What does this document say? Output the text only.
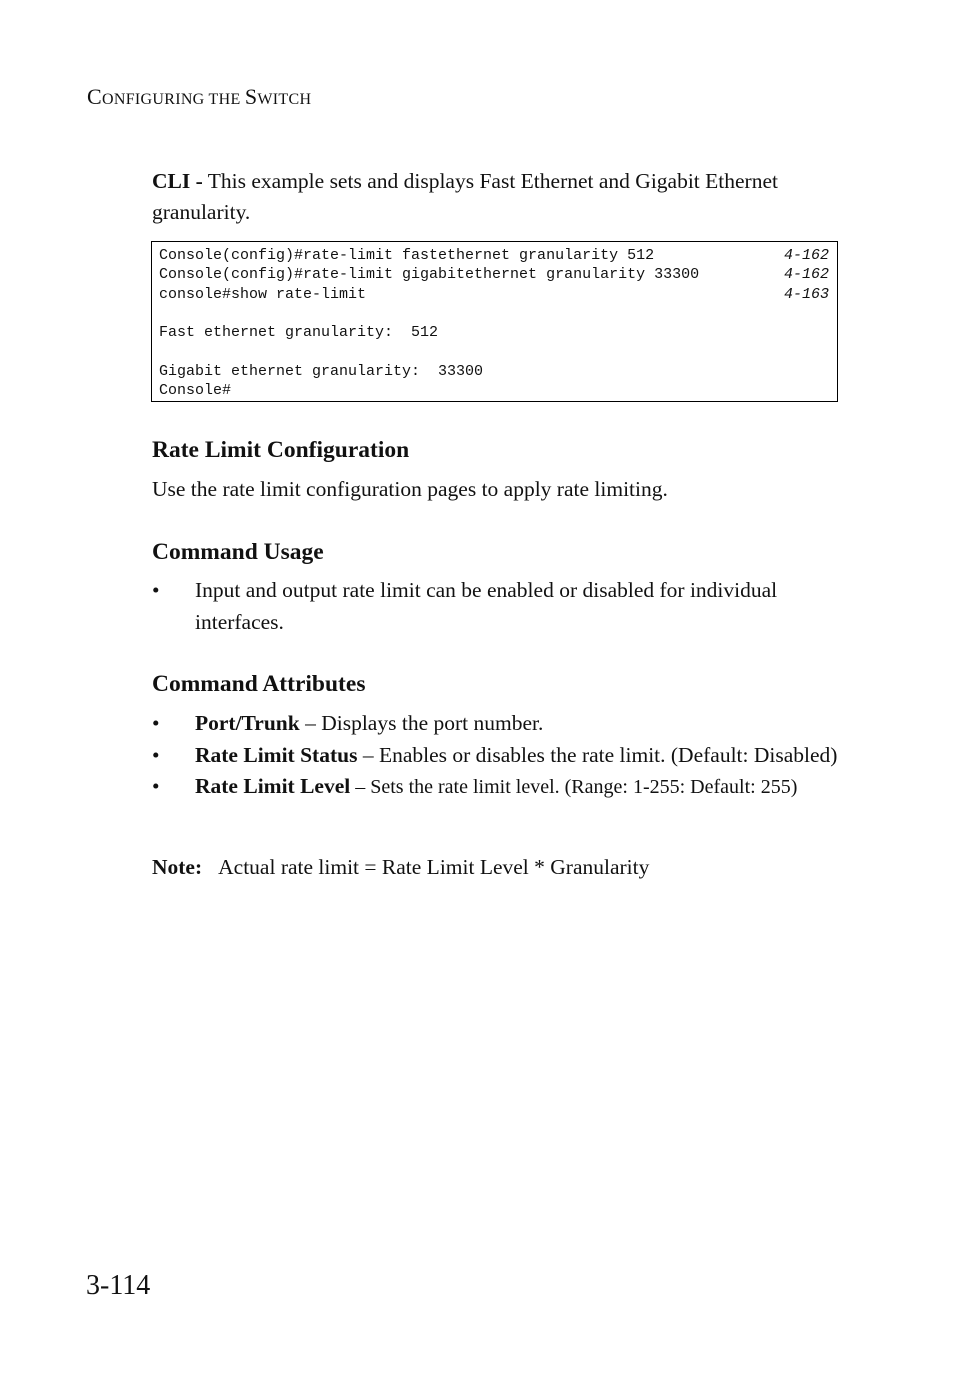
CONFIGURING THE SWITCH
CLI - This example sets and displays Fast Ethernet and Gigabit Ethernet granularity.
Console(config)#rate-limit fastethernet granularity 512	4-162
Console(config)#rate-limit gigabitethernet granularity 33300	4-162
console#show rate-limit	4-163
Fast ethernet granularity:  512
Gigabit ethernet granularity:  33300
Console#
Rate Limit Configuration
Use the rate limit configuration pages to apply rate limiting.
Command Usage
• Input and output rate limit can be enabled or disabled for individual interfaces.
Command Attributes
• Port/Trunk – Displays the port number.
• Rate Limit Status – Enables or disables the rate limit. (Default: Disabled)
• Rate Limit Level – Sets the rate limit level. (Range: 1-255: Default: 255)
Note: Actual rate limit = Rate Limit Level * Granularity
3-114
